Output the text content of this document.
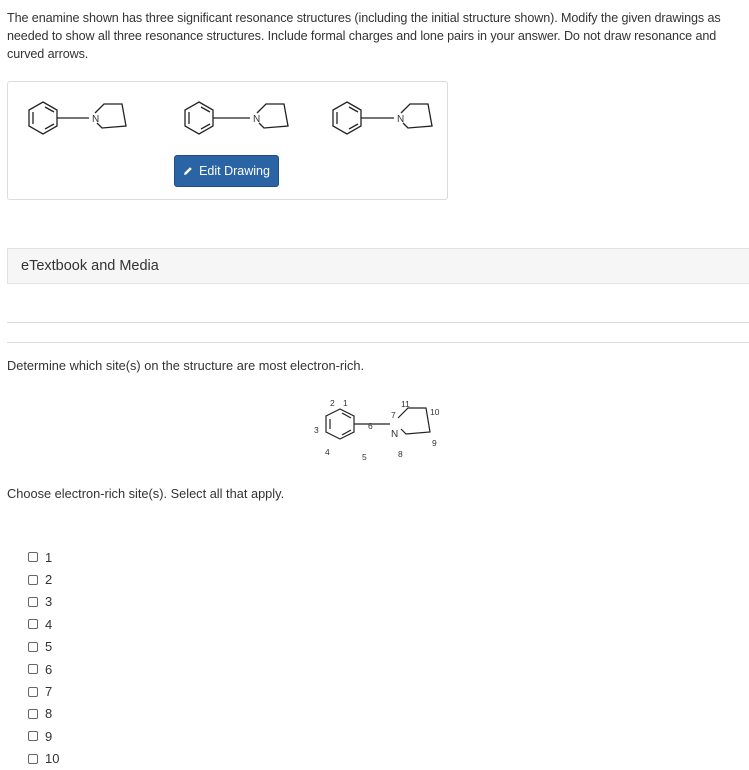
The enamine shown has three significant resonance structures (including the initial structure shown). Modify the given drawings as needed to show all three resonance structures. Include formal charges and lone pairs in your answer. Do not draw resonance and curved arrows.
N	N	N
Edit Drawing
eTextbook and Media
Determine which site(s) on the structure are most electron-rich.
2 1
3
4	5
6
7
8
9
10
11
N
Choose electron-rich site(s). Select all that apply.
1
2
3
4
5
6
7
8
9
10
